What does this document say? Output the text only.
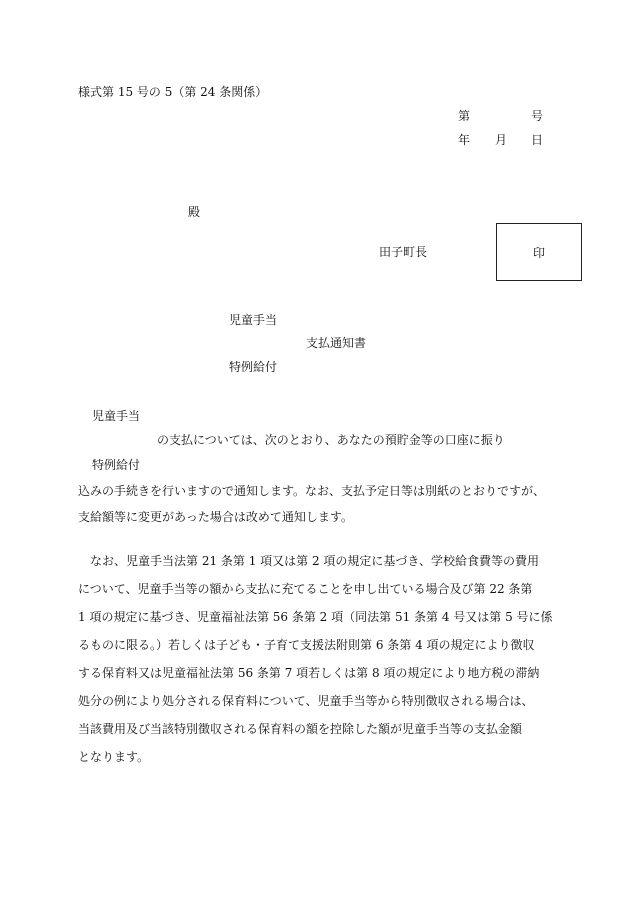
様式第 15 号の 5（第 24 条関係）
第	号
年 月 日
殿
田子町長	印
児童手当
支払通知書
特例給付
児童手当
の支払については、次のとおり、あなたの預貯金等の口座に振り
特例給付
込みの手続きを行いますので通知します。なお、支払予定日等は別紙のとおりですが、
支給額等に変更があった場合は改めて通知します。
　なお、児童手当法第 21 条第 1 項又は第 2 項の規定に基づき、学校給食費等の費用
について、児童手当等の額から支払に充てることを申し出ている場合及び第 22 条第
1 項の規定に基づき、児童福祉法第 56 条第 2 項（同法第 51 条第 4 号又は第 5 号に係
るものに限る。）若しくは子ども・子育て支援法附則第 6 条第 4 項の規定により徴収
する保育料又は児童福祉法第 56 条第 7 項若しくは第 8 項の規定により地方税の滞納
処分の例により処分される保育料について、児童手当等から特別徴収される場合は、
当該費用及び当該特別徴収される保育料の額を控除した額が児童手当等の支払金額
となります。
